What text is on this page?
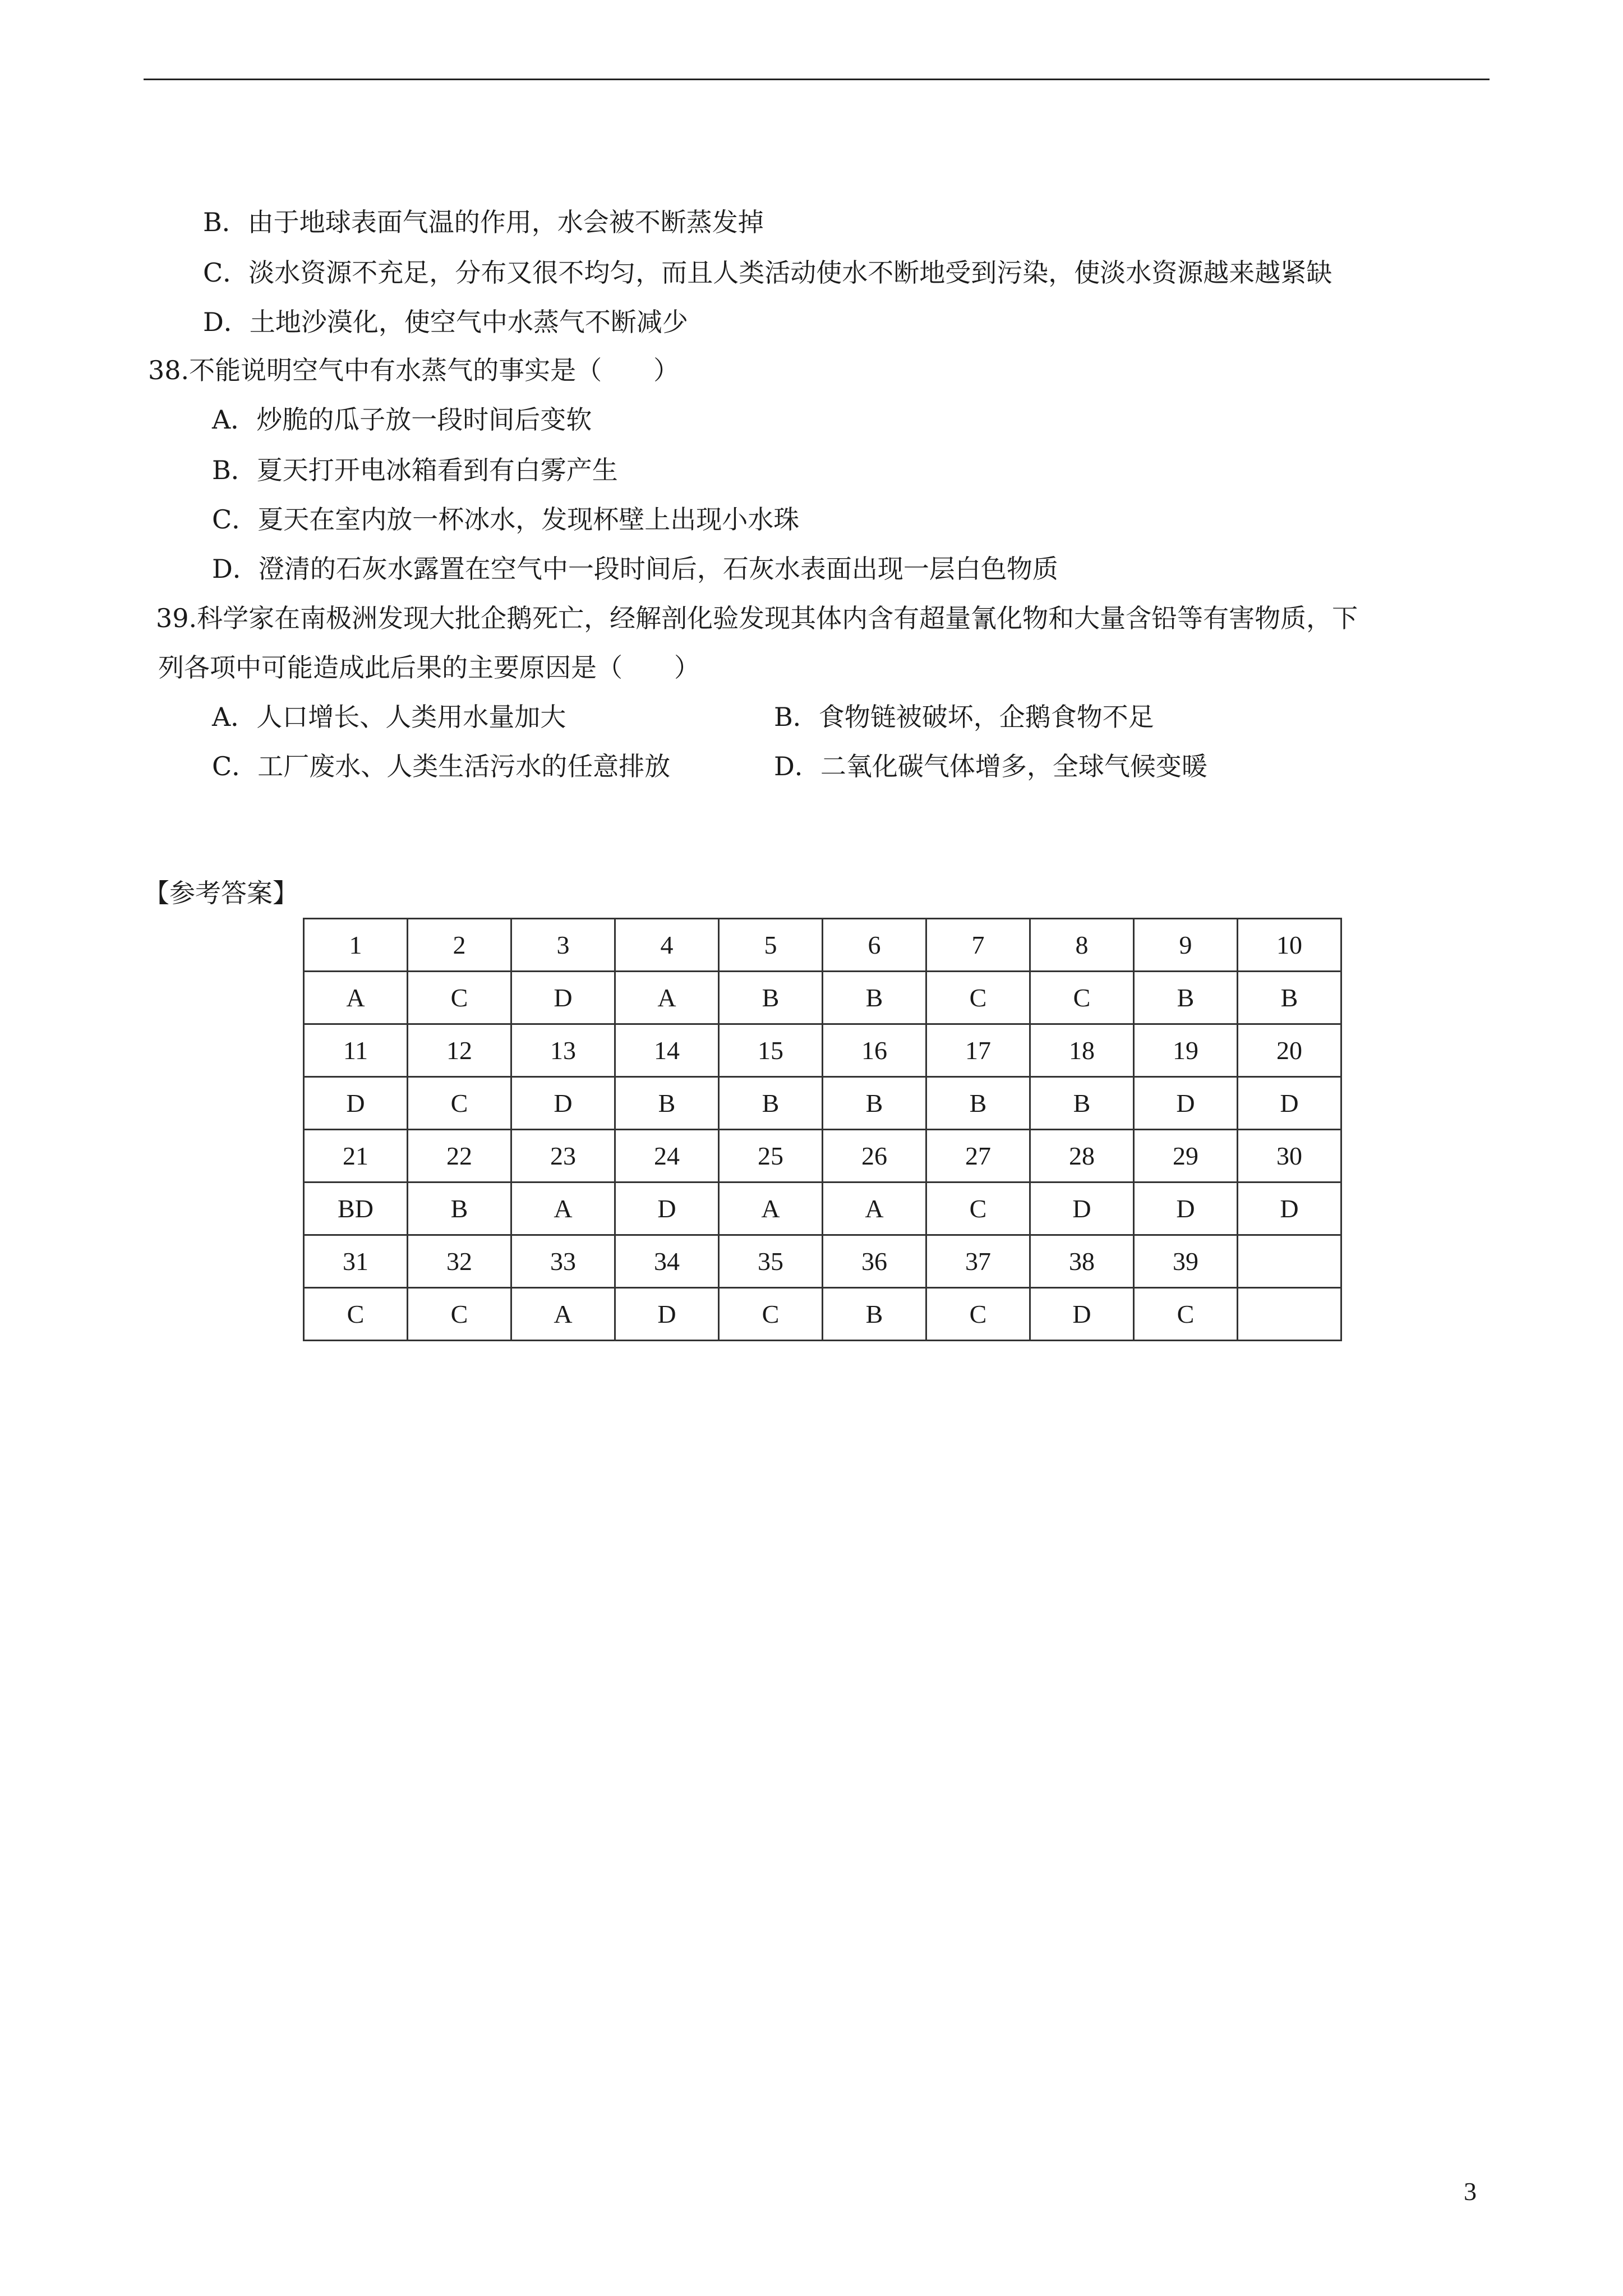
B．由于地球表面气温的作用，水会被不断蒸发掉
C．淡水资源不充足，分布又很不均匀，而且人类活动使水不断地受到污染，使淡水资源越来越紧缺
D．土地沙漠化，使空气中水蒸气不断减少
38.不能说明空气中有水蒸气的事实是（　　）
A．炒脆的瓜子放一段时间后变软
B．夏天打开电冰箱看到有白雾产生
C．夏天在室内放一杯冰水，发现杯壁上出现小水珠
D．澄清的石灰水露置在空气中一段时间后，石灰水表面出现一层白色物质
39.科学家在南极洲发现大批企鹅死亡，经解剖化验发现其体内含有超量氰化物和大量含铅等有害物质，下
列各项中可能造成此后果的主要原因是（　　）
A．人口增长、人类用水量加大	B．食物链被破坏，企鹅食物不足
C．工厂废水、人类生活污水的任意排放	D．二氧化碳气体增多，全球气候变暖
【参考答案】
1	2	3	4	5	6	7	8	9	10
A	C	D	A	B	B	C	C	B	B
11	12	13	14	15	16	17	18	19	20
D	C	D	B	B	B	B	B	D	D
21	22	23	24	25	26	27	28	29	30
BD	B	A	D	A	A	C	D	D	D
31	32	33	34	35	36	37	38	39	
C	C	A	D	C	B	C	D	C	
3
